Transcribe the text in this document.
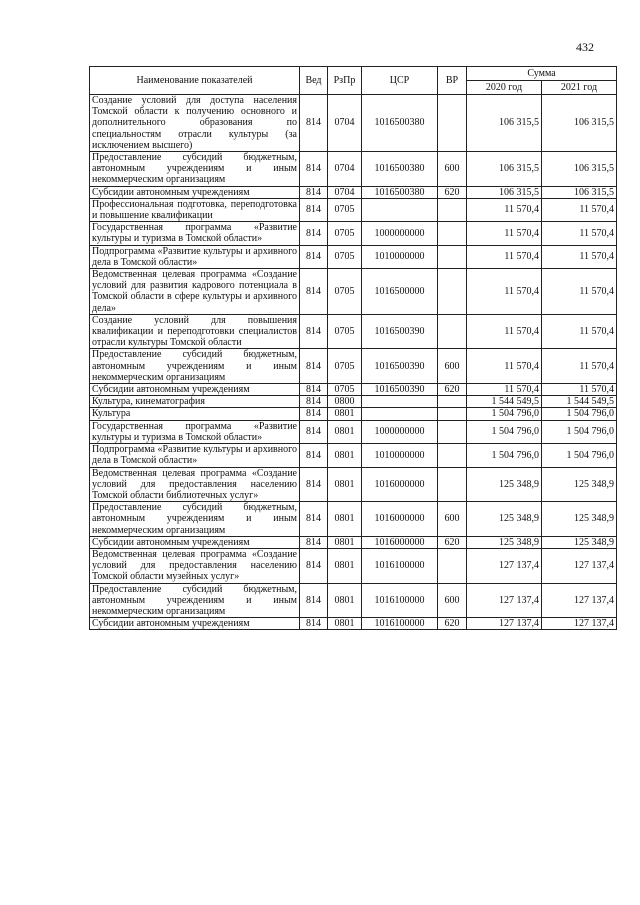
432
Наименование показателей	Вед	РзПр	ЦСР	ВР	Сумма	
					2020 год	2021 год
Создание условий для доступа населения Томской области к получению основного и дополнительного образования по специальностям отрасли культуры (за исключением высшего)	814	0704	1016500380		106 315,5	106 315,5
Предоставление субсидий бюджетным, автономным учреждениям и иным некоммерческим организациям	814	0704	1016500380	600	106 315,5	106 315,5
Субсидии автономным учреждениям	814	0704	1016500380	620	106 315,5	106 315,5
Профессиональная подготовка, переподготовка и повышение квалификации	814	0705			11 570,4	11 570,4
Государственная программа «Развитие культуры и туризма в Томской области»	814	0705	1000000000		11 570,4	11 570,4
Подпрограмма «Развитие культуры и архивного дела в Томской области»	814	0705	1010000000		11 570,4	11 570,4
Ведомственная целевая программа «Создание условий для развития кадрового потенциала в Томской области в сфере культуры и архивного дела»	814	0705	1016500000		11 570,4	11 570,4
Создание условий для повышения квалификации и переподготовки специалистов отрасли культуры Томской области	814	0705	1016500390		11 570,4	11 570,4
Предоставление субсидий бюджетным, автономным учреждениям и иным некоммерческим организациям	814	0705	1016500390	600	11 570,4	11 570,4
Субсидии автономным учреждениям	814	0705	1016500390	620	11 570,4	11 570,4
Культура, кинематография	814	0800			1 544 549,5	1 544 549,5
Культура	814	0801			1 504 796,0	1 504 796,0
Государственная программа «Развитие культуры и туризма в Томской области»	814	0801	1000000000		1 504 796,0	1 504 796,0
Подпрограмма «Развитие культуры и архивного дела в Томской области»	814	0801	1010000000		1 504 796,0	1 504 796,0
Ведомственная целевая программа «Создание условий для предоставления населению Томской области библиотечных услуг»	814	0801	1016000000		125 348,9	125 348,9
Предоставление субсидий бюджетным, автономным учреждениям и иным некоммерческим организациям	814	0801	1016000000	600	125 348,9	125 348,9
Субсидии автономным учреждениям	814	0801	1016000000	620	125 348,9	125 348,9
Ведомственная целевая программа «Создание условий для предоставления населению Томской области музейных услуг»	814	0801	1016100000		127 137,4	127 137,4
Предоставление субсидий бюджетным, автономным учреждениям и иным некоммерческим организациям	814	0801	1016100000	600	127 137,4	127 137,4
Субсидии автономным учреждениям	814	0801	1016100000	620	127 137,4	127 137,4
